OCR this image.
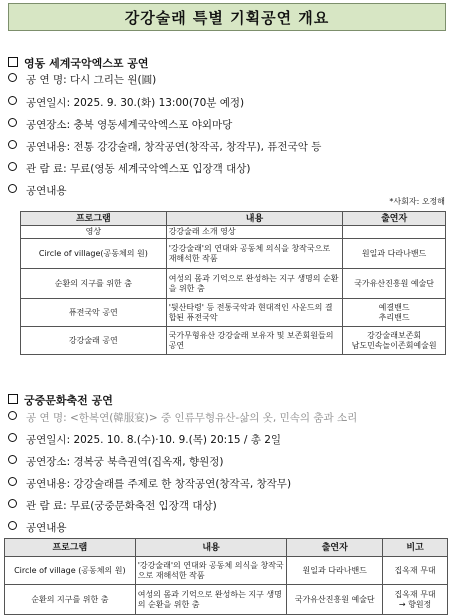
강강술래 특별 기획공연 개요
영동 세계국악엑스포 공연
공 연 명: 다시 그리는 원(圓)
공연일시: 2025. 9. 30.(화) 13:00(70분 예정)
공연장소: 충북 영동세계국악엑스포 야외마당
공연내용: 전통 강강술래, 창작공연(창작곡, 창작무), 퓨전국악 등
관 람 료: 무료(영동 세계국악엑스포 입장객 대상)
공연내용
*사회자: 오정해
프로그램	내용	출연자
영상	강강술래 소개 영상	
Circle of village(공동체의 원)	'강강술래'의 연대와 공동체 의식을 창작국으로 재해석한 작품	원일과 다라나밴드
순환의 지구를 위한 춤	여성의 몸과 기억으로 완성하는 지구 생명의 순환을 위한 춤	국가유산진흥원 예술단
퓨전국악 공연	'뒷산타령' 등 전통국악과 현대적인 사운드의 결합된 퓨전국악	예결밴드
추리밴드
강강술래 공연	국가무형유산 강강술래 보유자 및 보존회원들의 공연	강강술래보존회
남도민속놀이존회예술원
궁중문화축전 공연
공 연 명: <한복연(韓服宴)> 중 인류무형유산-삶의 옷, 민속의 춤과 소리
공연일시: 2025. 10. 8.(수)·10. 9.(목) 20:15 / 총 2일
공연장소: 경복궁 북측권역(집옥재, 향원정)
공연내용: 강강술래를 주제로 한 창작공연(창작곡, 창작무)
관 람 료: 무료(궁중문화축전 입장객 대상)
공연내용
프로그램	내용	출연자	비고
Circle of village (공동체의 원)	'강강술래'의 연대와 공동체 의식을 창작국으로 재해석한 작품	원일과 다라나밴드	집옥재 무대
순환의 지구를 위한 춤	여성의 몸과 기억으로 완성하는 지구 생명의 순환을 위한 춤	국가유산진흥원 예술단	집옥재 무대
→ 향원정
